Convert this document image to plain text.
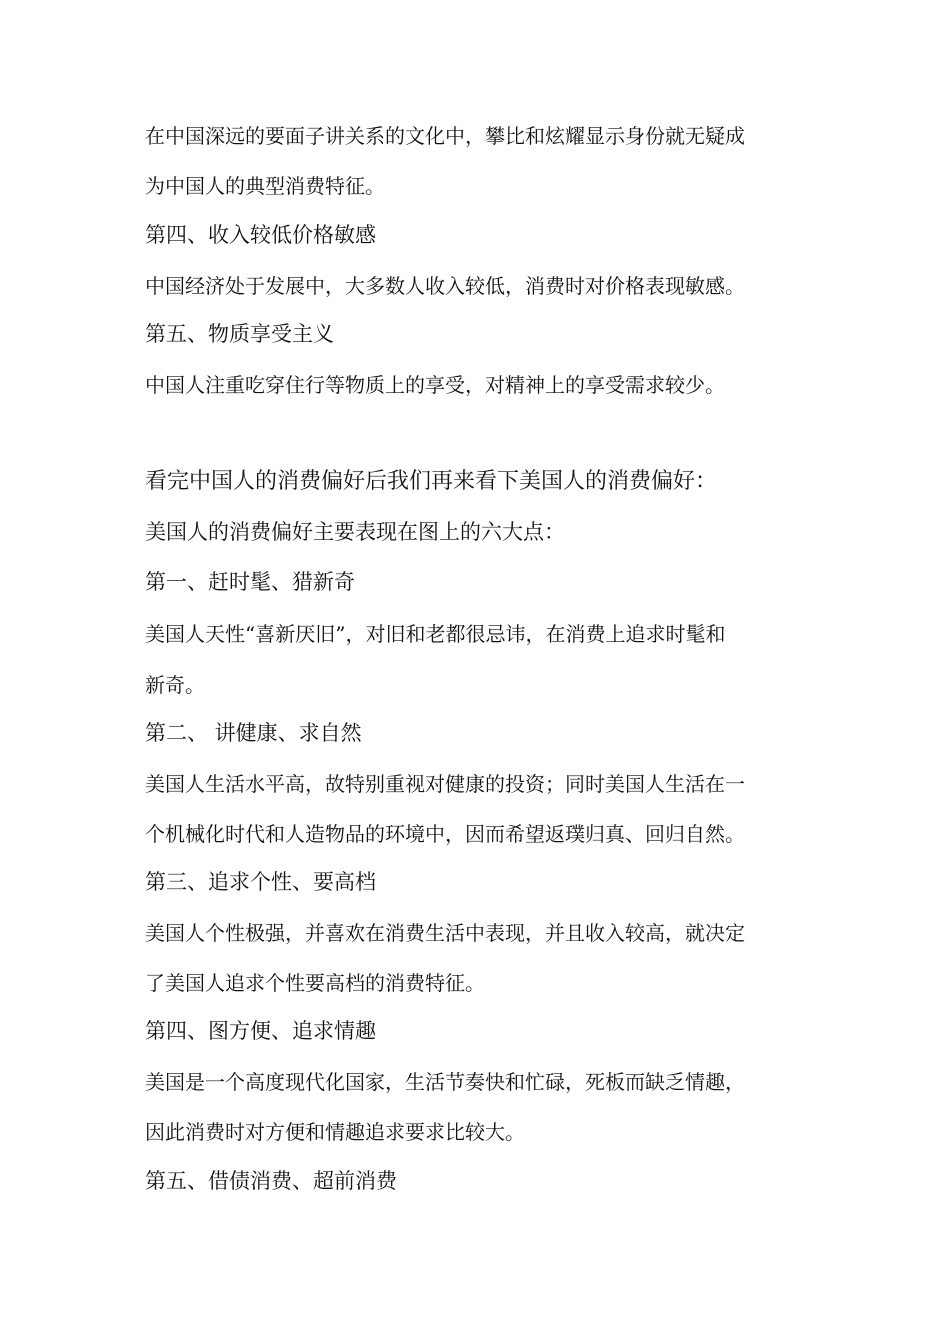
在中国深远的要面子讲关系的文化中，攀比和炫耀显示身份就无疑成

为中国人的典型消费特征。

第四、收入较低价格敏感

中国经济处于发展中，大多数人收入较低，消费时对价格表现敏感。

第五、物质享受主义

中国人注重吃穿住行等物质上的享受，对精神上的享受需求较少。

看完中国人的消费偏好后我们再来看下美国人的消费偏好：

美国人的消费偏好主要表现在图上的六大点：

第一、赶时髦、猎新奇

美国人天性“喜新厌旧”，对旧和老都很忌讳，在消费上追求时髦和

新奇。

第二、 讲健康、求自然

美国人生活水平高，故特别重视对健康的投资；同时美国人生活在一

个机械化时代和人造物品的环境中，因而希望返璞归真、回归自然。

第三、追求个性、要高档

美国人个性极强，并喜欢在消费生活中表现，并且收入较高，就决定

了美国人追求个性要高档的消费特征。

第四、图方便、追求情趣

美国是一个高度现代化国家，生活节奏快和忙碌，死板而缺乏情趣，

因此消费时对方便和情趣追求要求比较大。

第五、借债消费、超前消费
